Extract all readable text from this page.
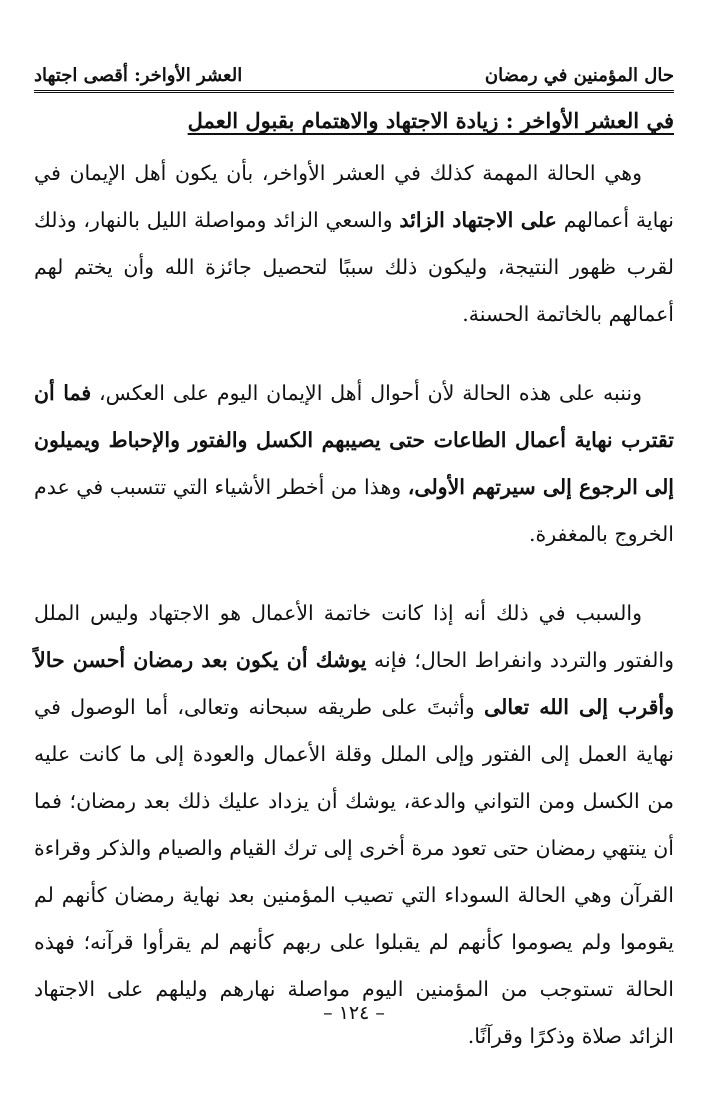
حال المؤمنين في رمضان
العشر الأواخر: أقصى اجتهاد
في العشر الأواخر : زيادة الاجتهاد والاهتمام بقبول العمل

وهي الحالة المهمة كذلك في العشر الأواخر، بأن يكون أهل الإيمان في نهاية أعمالهم على الاجتهاد الزائد والسعي الزائد ومواصلة الليل بالنهار، وذلك لقرب ظهور النتيجة، وليكون ذلك سببًا لتحصيل جائزة الله وأن يختم لهم أعمالهم بالخاتمة الحسنة.

وننبه على هذه الحالة لأن أحوال أهل الإيمان اليوم على العكس، فما أن تقترب نهاية أعمال الطاعات حتى يصيبهم الكسل والفتور والإحباط ويميلون إلى الرجوع إلى سيرتهم الأولى، وهذا من أخطر الأشياء التي تتسبب في عدم الخروج بالمغفرة.

والسبب في ذلك أنه إذا كانت خاتمة الأعمال هو الاجتهاد وليس الملل والفتور والتردد وانفراط الحال؛ فإنه يوشك أن يكون بعد رمضان أحسن حالاً وأقرب إلى الله تعالى وأثبتَ على طريقه سبحانه وتعالى، أما الوصول في نهاية العمل إلى الفتور وإلى الملل وقلة الأعمال والعودة إلى ما كانت عليه من الكسل ومن التواني والدعة، يوشك أن يزداد عليك ذلك بعد رمضان؛ فما أن ينتهي رمضان حتى تعود مرة أخرى إلى ترك القيام والصيام والذكر وقراءة القرآن وهي الحالة السوداء التي تصيب المؤمنين بعد نهاية رمضان كأنهم لم يقوموا ولم يصوموا كأنهم لم يقبلوا على ربهم كأنهم لم يقرأوا قرآنه؛ فهذه الحالة تستوجب من المؤمنين اليوم مواصلة نهارهم وليلهم على الاجتهاد الزائد صلاة وذكرًا وقرآنًا.

– ١٢٤ –
